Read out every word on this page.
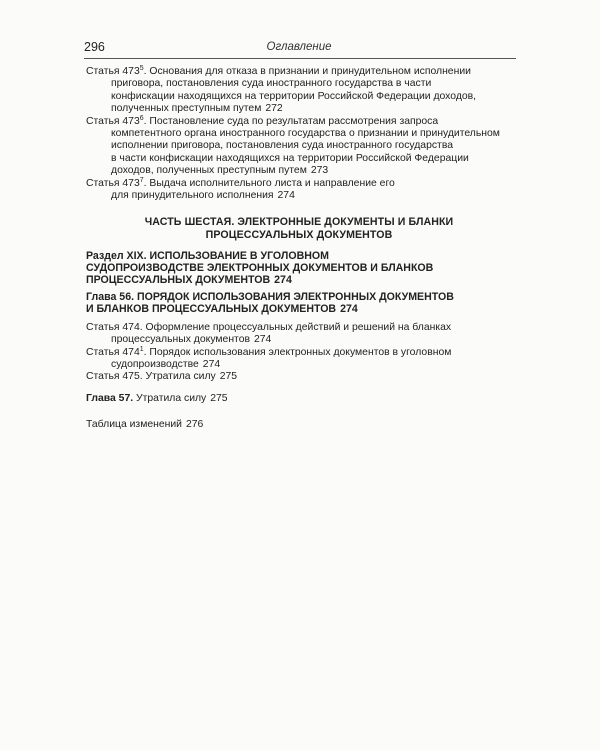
296	Оглавление
Статья $473^5$. Основания для отказа в признании и принудительном исполнении
приговора, постановления суда иностранного государства в части
конфискации находящихся на территории Российской Федерации доходов,
полученных преступным путем 272
Статья $473^6$. Постановление суда по результатам рассмотрения запроса
компетентного органа иностранного государства о признании и принудительном
исполнении приговора, постановления суда иностранного государства
в части конфискации находящихся на территории Российской Федерации
доходов, полученных преступным путем 273
Статья $473^7$. Выдача исполнительного листа и направление его
для принудительного исполнения 274
ЧАСТЬ ШЕСТАЯ. ЭЛЕКТРОННЫЕ ДОКУМЕНТЫ И БЛАНКИ
ПРОЦЕССУАЛЬНЫХ ДОКУМЕНТОВ
Раздел XIX. ИСПОЛЬЗОВАНИЕ В УГОЛОВНОМ
СУДОПРОИЗВОДСТВЕ ЭЛЕКТРОННЫХ ДОКУМЕНТОВ И БЛАНКОВ
ПРОЦЕССУАЛЬНЫХ ДОКУМЕНТОВ 274
Глава 56. ПОРЯДОК ИСПОЛЬЗОВАНИЯ ЭЛЕКТРОННЫХ ДОКУМЕНТОВ
И БЛАНКОВ ПРОЦЕССУАЛЬНЫХ ДОКУМЕНТОВ 274
Статья 474. Оформление процессуальных действий и решений на бланках
процессуальных документов 274
Статья $474^1$. Порядок использования электронных документов в уголовном
судопроизводстве 274
Статья 475. Утратила силу 275
Глава 57. Утратила силу 275
Таблица изменений 276
